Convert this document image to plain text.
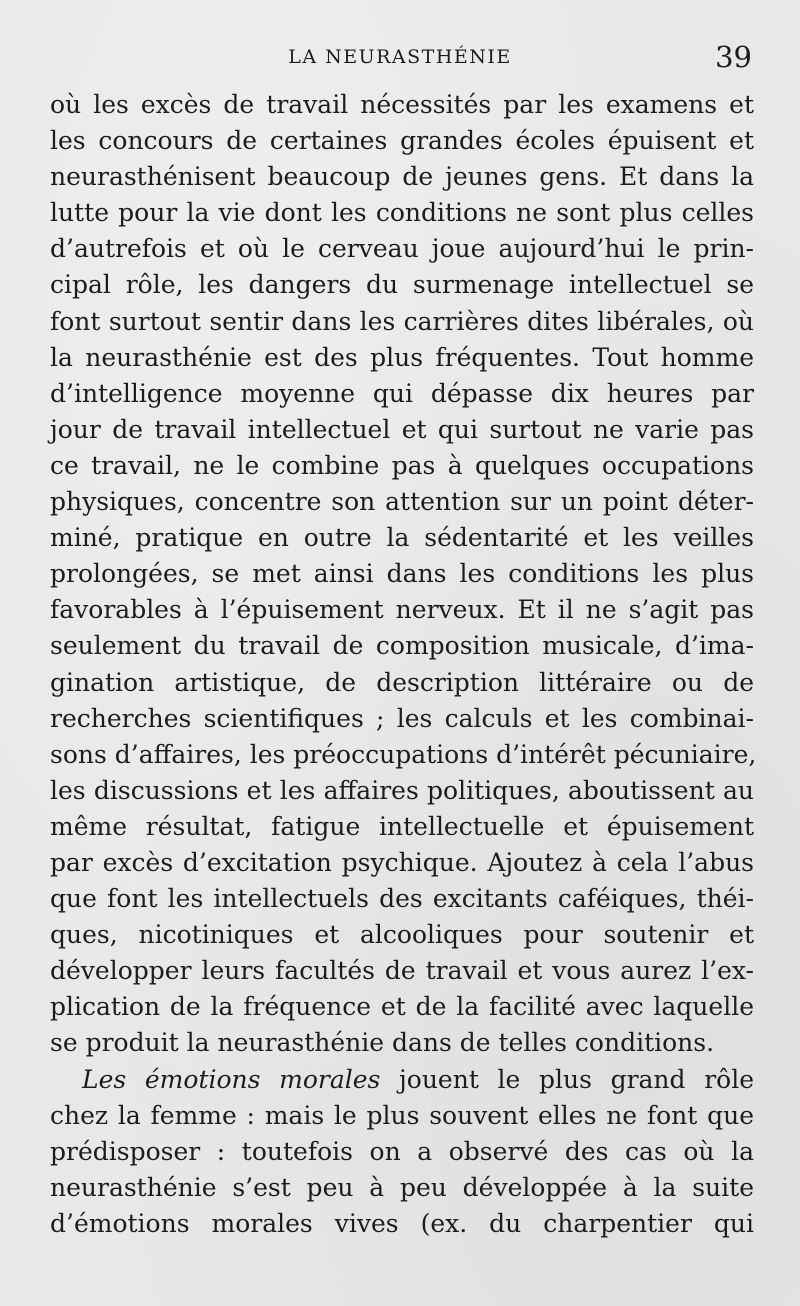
LA NEURASTHÉNIE	39
où les excès de travail nécessités par les examens et
les concours de certaines grandes écoles épuisent et
neurasthénisent beaucoup de jeunes gens. Et dans la
lutte pour la vie dont les conditions ne sont plus celles
d’autrefois et où le cerveau joue aujourd’hui le prin-
cipal rôle, les dangers du surmenage intellectuel se
font surtout sentir dans les carrières dites libérales, où
la neurasthénie est des plus fréquentes. Tout homme
d’intelligence moyenne qui dépasse dix heures par
jour de travail intellectuel et qui surtout ne varie pas
ce travail, ne le combine pas à quelques occupations
physiques, concentre son attention sur un point déter-
miné, pratique en outre la sédentarité et les veilles
prolongées, se met ainsi dans les conditions les plus
favorables à l’épuisement nerveux. Et il ne s’agit pas
seulement du travail de composition musicale, d’ima-
gination artistique, de description littéraire ou de
recherches scientifiques ; les calculs et les combinai-
sons d’affaires, les préoccupations d’intérêt pécuniaire,
les discussions et les affaires politiques, aboutissent au
même résultat, fatigue intellectuelle et épuisement
par excès d’excitation psychique. Ajoutez à cela l’abus
que font les intellectuels des excitants caféiques, théi-
ques, nicotiniques et alcooliques pour soutenir et
développer leurs facultés de travail et vous aurez l’ex-
plication de la fréquence et de la facilité avec laquelle
se produit la neurasthénie dans de telles conditions.
Les émotions morales jouent le plus grand rôle
chez la femme : mais le plus souvent elles ne font que
prédisposer : toutefois on a observé des cas où la
neurasthénie s’est peu à peu développée à la suite
d’émotions morales vives (ex. du charpentier qui
